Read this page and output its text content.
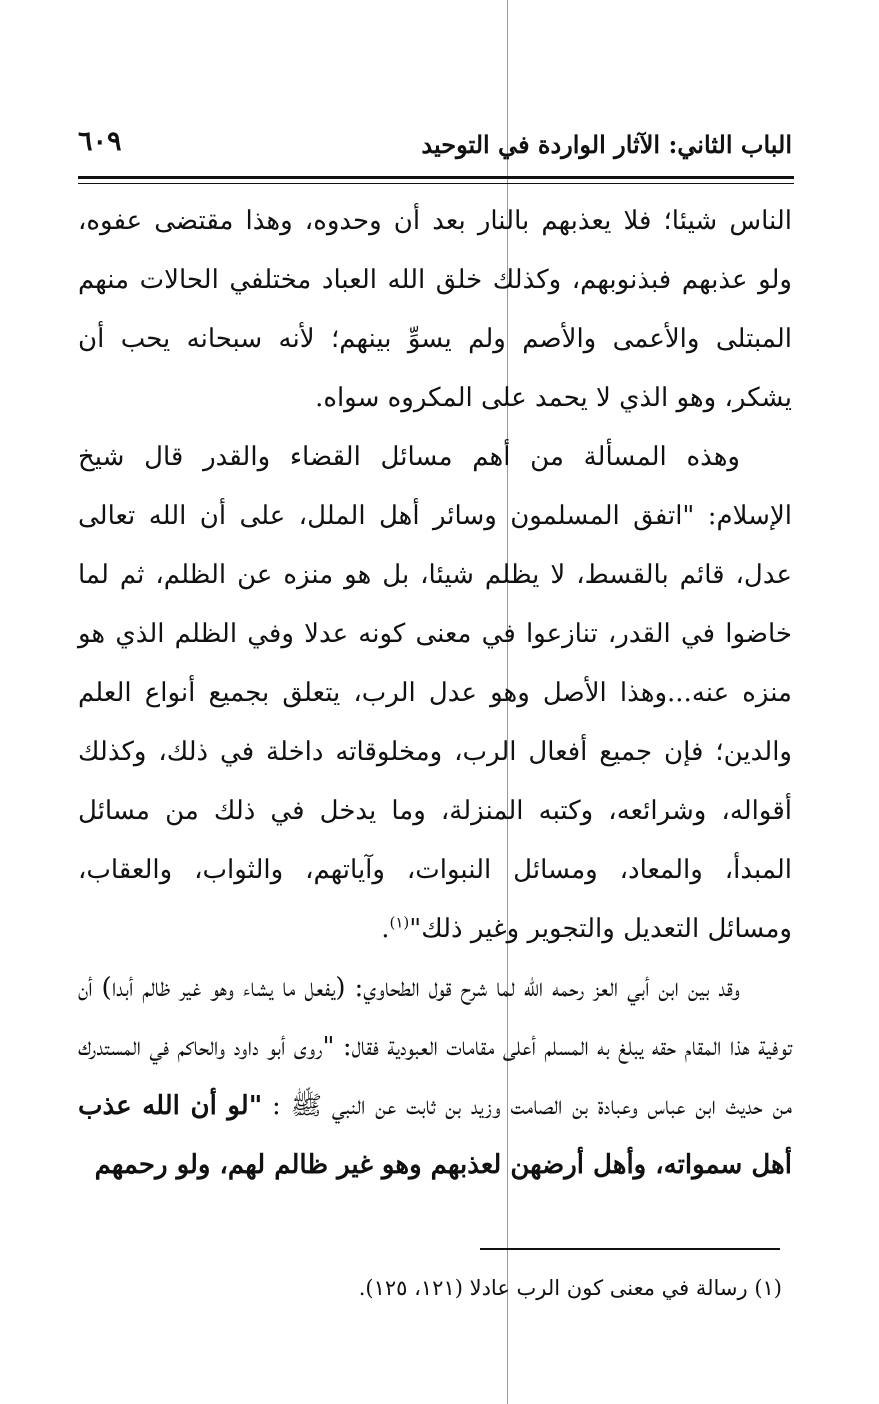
الباب الثاني: الآثار الواردة في التوحيد
٦٠٩

الناس شيئا؛ فلا يعذبهم بالنار بعد أن وحدوه، وهذا مقتضى عفوه، ولو عذبهم فبذنوبهم، وكذلك خلق الله العباد مختلفي الحالات منهم المبتلى والأعمى والأصم ولم يسوِّ بينهم؛ لأنه سبحانه يحب أن يشكر، وهو الذي لا يحمد على المكروه سواه.

وهذه المسألة من أهم مسائل القضاء والقدر قال شيخ الإسلام: "اتفق المسلمون وسائر أهل الملل، على أن الله تعالى عدل، قائم بالقسط، لا يظلم شيئا، بل هو منزه عن الظلم، ثم لما خاضوا في القدر، تنازعوا في معنى كونه عدلا وفي الظلم الذي هو منزه عنه...وهذا الأصل وهو عدل الرب، يتعلق بجميع أنواع العلم والدين؛ فإن جميع أفعال الرب، ومخلوقاته داخلة في ذلك، وكذلك أقواله، وشرائعه، وكتبه المنزلة، وما يدخل في ذلك من مسائل المبدأ، والمعاد، ومسائل النبوات، وآياتهم، والثواب، والعقاب، ومسائل التعديل والتجوير وغير ذلك"$^{(١)}$.

وقد بين ابن أبي العز رحمه الله لما شرح قول الطحاوي: (يفعل ما يشاء وهو غير ظالم أبدا) أن توفية هذا المقام حقه يبلغ به المسلم أعلى مقامات العبودية فقال: "روى أبو داود والحاكم في المستدرك من حديث ابن عباس وعبادة بن الصامت وزيد بن ثابت عن النبي ﷺ : "لو أن الله عذب أهل سمواته، وأهل أرضهن لعذبهم وهو غير ظالم لهم، ولو رحمهم

(١) رسالة في معنى كون الرب عادلا (١٢١، ١٢٥).
